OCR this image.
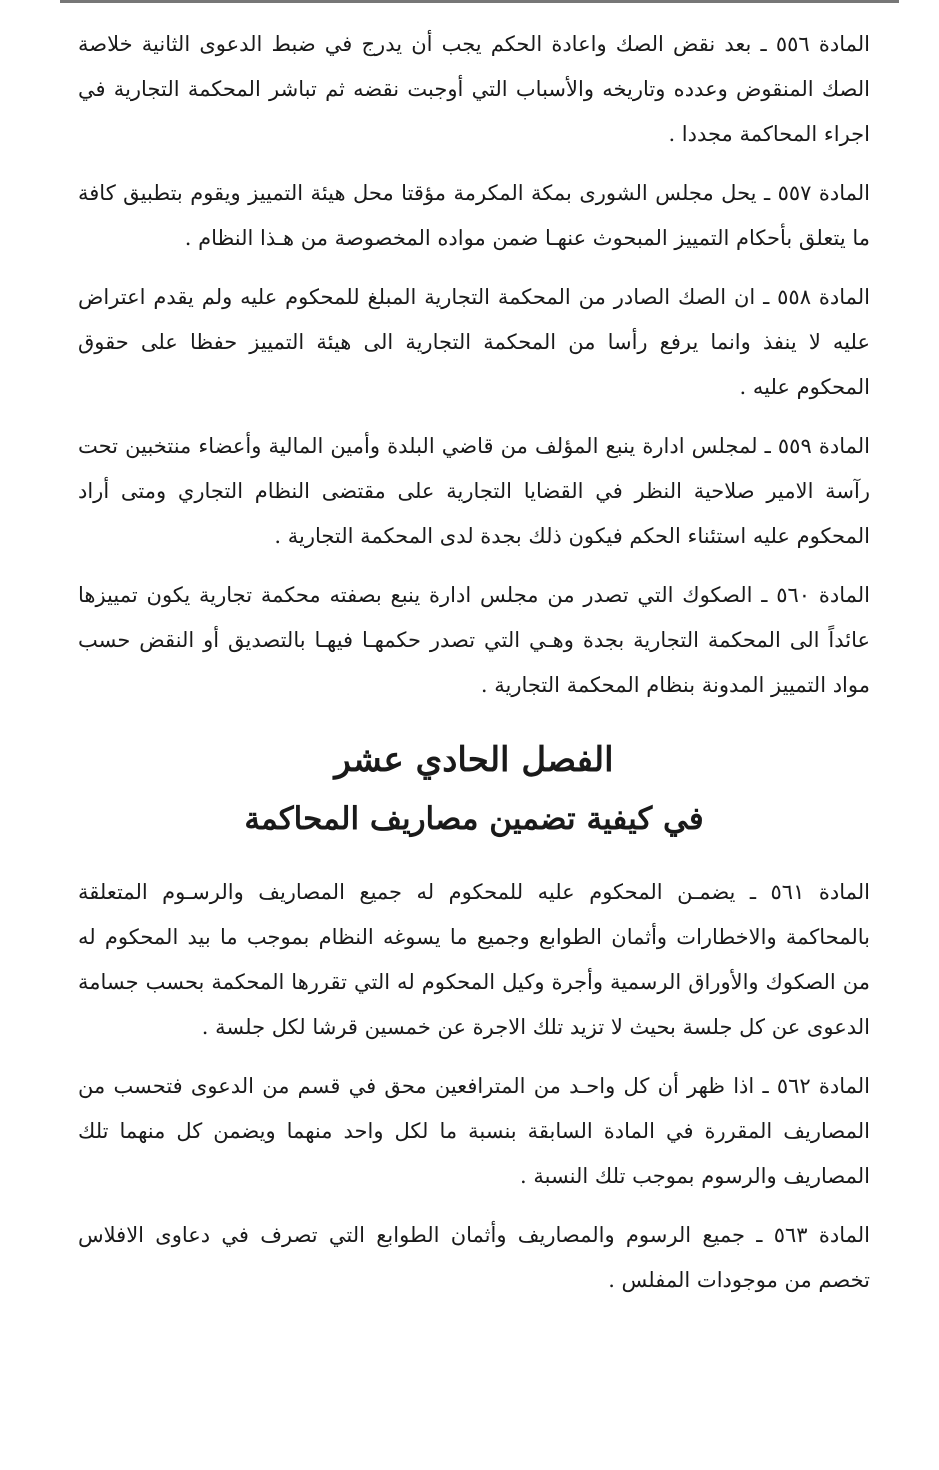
المادة ٥٥٦ ـ بعد نقض الصك واعادة الحكم يجب أن يدرج في ضبط الدعوى الثانية خلاصة الصك المنقوض وعدده وتاريخه والأسباب التي أوجبت نقضه ثم تباشر المحكمة التجارية في اجراء المحاكمة مجددا .

المادة ٥٥٧ ـ يحل مجلس الشورى بمكة المكرمة مؤقتا محل هيئة التمييز ويقوم بتطبيق كافة ما يتعلق بأحكام التمييز المبحوث عنهـا ضمن مواده المخصوصة من هـذا النظام .

المادة ٥٥٨ ـ ان الصك الصادر من المحكمة التجارية المبلغ للمحكوم عليه ولم يقدم اعتراض عليه لا ينفذ وانما يرفع رأسا من المحكمة التجارية الى هيئة التمييز حفظا على حقوق المحكوم عليه .

المادة ٥٥٩ ـ لمجلس ادارة ينبع المؤلف من قاضي البلدة وأمين المالية وأعضاء منتخبين تحت رآسة الامير صلاحية النظر في القضايا التجارية على مقتضى النظام التجاري ومتى أراد المحكوم عليه استئناء الحكم فيكون ذلك بجدة لدى المحكمة التجارية .

المادة ٥٦٠ ـ الصكوك التي تصدر من مجلس ادارة ينبع بصفته محكمة تجارية يكون تمييزها عائداً الى المحكمة التجارية بجدة وهـي التي تصدر حكمهـا فيهـا بالتصديق أو النقض حسب مواد التمييز المدونة بنظام المحكمة التجارية .

الفصل الحادي عشر
في كيفية تضمين مصاريف المحاكمة

المادة ٥٦١ ـ يضمـن المحكوم عليه للمحكوم له جميع المصاريف والرسـوم المتعلقة بالمحاكمة والاخطارات وأثمان الطوابع وجميع ما يسوغه النظام بموجب ما بيد المحكوم له من الصكوك والأوراق الرسمية وأجرة وكيل المحكوم له التي تقررها المحكمة بحسب جسامة الدعوى عن كل جلسة بحيث لا تزيد تلك الاجرة عن خمسين قرشا لكل جلسة .

المادة ٥٦٢ ـ اذا ظهر أن كل واحـد من المترافعين محق في قسم من الدعوى فتحسب من المصاريف المقررة في المادة السابقة بنسبة ما لكل واحد منهما ويضمن كل منهما تلك المصاريف والرسوم بموجب تلك النسبة .

المادة ٥٦٣ ـ جميع الرسوم والمصاريف وأثمان الطوابع التي تصرف في دعاوى الافلاس تخصم من موجودات المفلس .
